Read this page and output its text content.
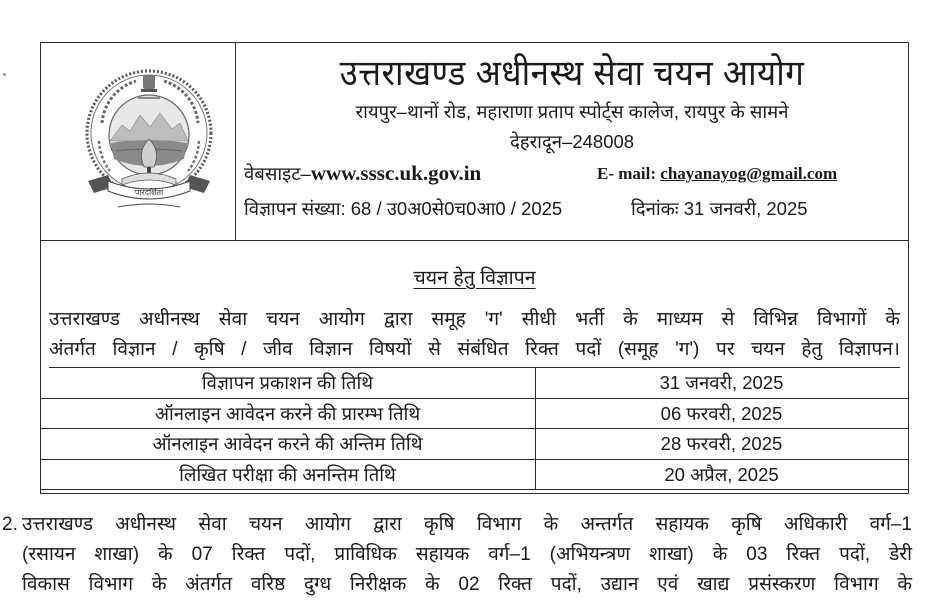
पारदर्शिता
उत्तराखण्ड अधीनस्थ सेवा चयन आयोग
रायपुर–थानों रोड, महाराणा प्रताप स्पोर्ट्स कालेज, रायपुर के सामने
देहरादून–248008
वेबसाइट–www.sssc.uk.gov.in	E- mail: chayanayog@gmail.com
विज्ञापन संख्या: 68 / उ0अ0से0च0आ0 / 2025	दिनांकः 31 जनवरी, 2025
चयन हेतु विज्ञापन
उत्तराखण्ड अधीनस्थ सेवा चयन आयोग द्वारा समूह 'ग' सीधी भर्ती के माध्यम से विभिन्न विभागों के
अंतर्गत विज्ञान / कृषि / जीव विज्ञान विषयों से संबंधित रिक्त पदों (समूह 'ग') पर चयन हेतु विज्ञापन।
विज्ञापन प्रकाशन की तिथि	31 जनवरी, 2025
ऑनलाइन आवेदन करने की प्रारम्भ तिथि	06 फरवरी, 2025
ऑनलाइन आवेदन करने की अन्तिम तिथि	28 फरवरी, 2025
लिखित परीक्षा की अनन्तिम तिथि	20 अप्रैल, 2025
2. उत्तराखण्ड अधीनस्थ सेवा चयन आयोग द्वारा कृषि विभाग के अन्तर्गत सहायक कृषि अधिकारी वर्ग–1
(रसायन शाखा) के 07 रिक्त पदों, प्राविधिक सहायक वर्ग–1 (अभियन्त्रण शाखा) के 03 रिक्त पदों, डेरी
विकास विभाग के अंतर्गत वरिष्ठ दुग्ध निरीक्षक के 02 रिक्त पदों, उद्यान एवं खाद्य प्रसंस्करण विभाग के
